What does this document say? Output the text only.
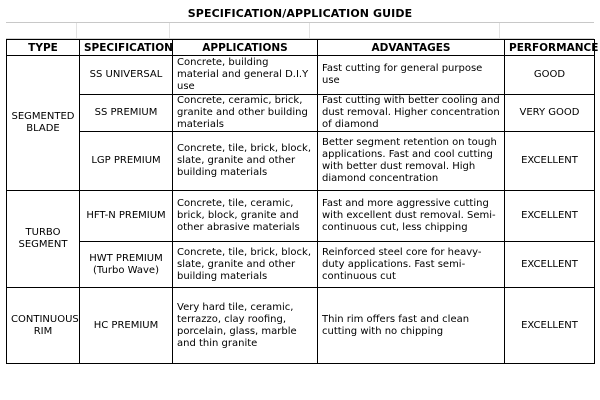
SPECIFICATION/APPLICATION GUIDE
TYPE	SPECIFICATION	APPLICATIONS	ADVANTAGES	PERFORMANCE
SEGMENTED BLADE	SS UNIVERSAL	Concrete, building material and general D.I.Y use	Fast cutting for general purpose use	GOOD
	SS PREMIUM	Concrete, ceramic, brick, granite and other building materials	Fast cutting with better cooling and dust removal. Higher concentration of diamond	VERY GOOD
	LGP PREMIUM	Concrete, tile, brick, block, slate, granite and other building materials	Better segment retention on tough applications. Fast and cool cutting with better dust removal. High diamond concentration	EXCELLENT
TURBO SEGMENT	HFT-N PREMIUM	Concrete, tile, ceramic, brick, block, granite and other abrasive materials	Fast and more aggressive cutting with excellent dust removal. Semi-continuous cut, less chipping	EXCELLENT
	HWT PREMIUM (Turbo Wave)	Concrete, tile, brick, block, slate, granite and other building materials	Reinforced steel core for heavy-duty applications. Fast semi-continuous cut	EXCELLENT
CONTINUOUS RIM	HC PREMIUM	Very hard tile, ceramic, terrazzo, clay roofing, porcelain, glass, marble and thin granite	Thin rim offers fast and clean cutting with no chipping	EXCELLENT
